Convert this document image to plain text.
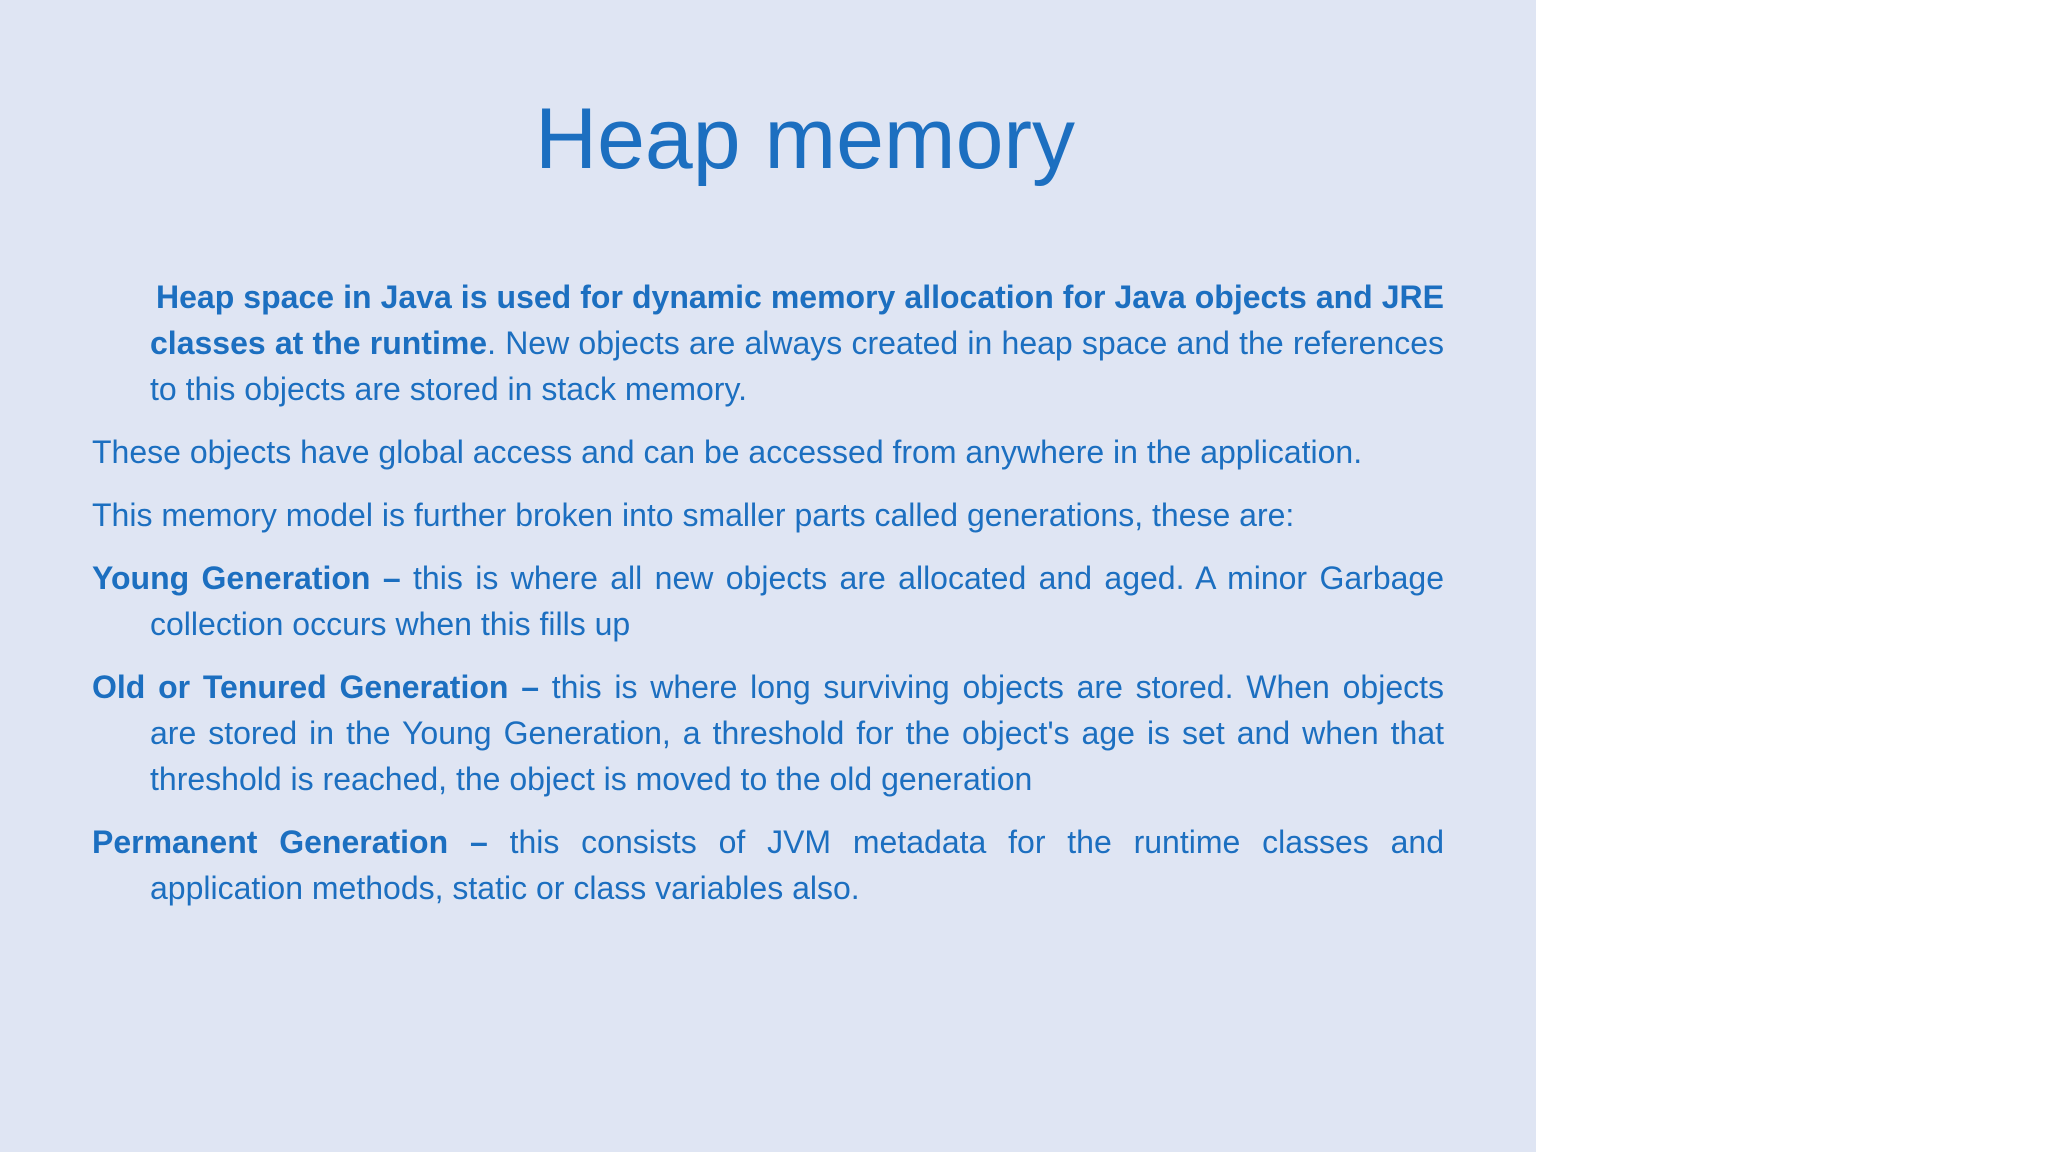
Heap memory

Heap space in Java is used for dynamic memory allocation for Java objects and JRE classes at the runtime. New objects are always created in heap space and the references to this objects are stored in stack memory.

These objects have global access and can be accessed from anywhere in the application.

This memory model is further broken into smaller parts called generations, these are:

Young Generation – this is where all new objects are allocated and aged. A minor Garbage collection occurs when this fills up

Old or Tenured Generation – this is where long surviving objects are stored. When objects are stored in the Young Generation, a threshold for the object's age is set and when that threshold is reached, the object is moved to the old generation

Permanent Generation – this consists of JVM metadata for the runtime classes and application methods, static or class variables also.
